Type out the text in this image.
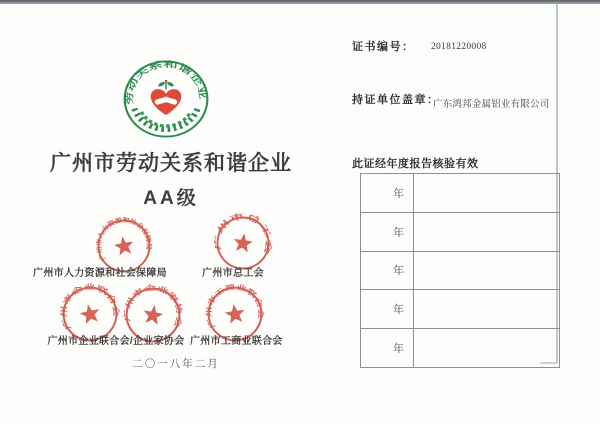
劳动关系和谐企业
广州市劳动关系和谐企业
AA级
广州市人力资源和社会保障局	广州市总工会
广州市企业联合会
广州市企业家协会
广州市工商业联合会
广州市人力资源和社会保障局	广州市总工会
广州市企业联合会/企业家协会 广州市工商业联合会
二〇一八年二月
证书编号： 20181220008
持证单位盖章：
广东鸿邦金属铝业有限公司
此证经年度报告核验有效
年
年
年
年
年
